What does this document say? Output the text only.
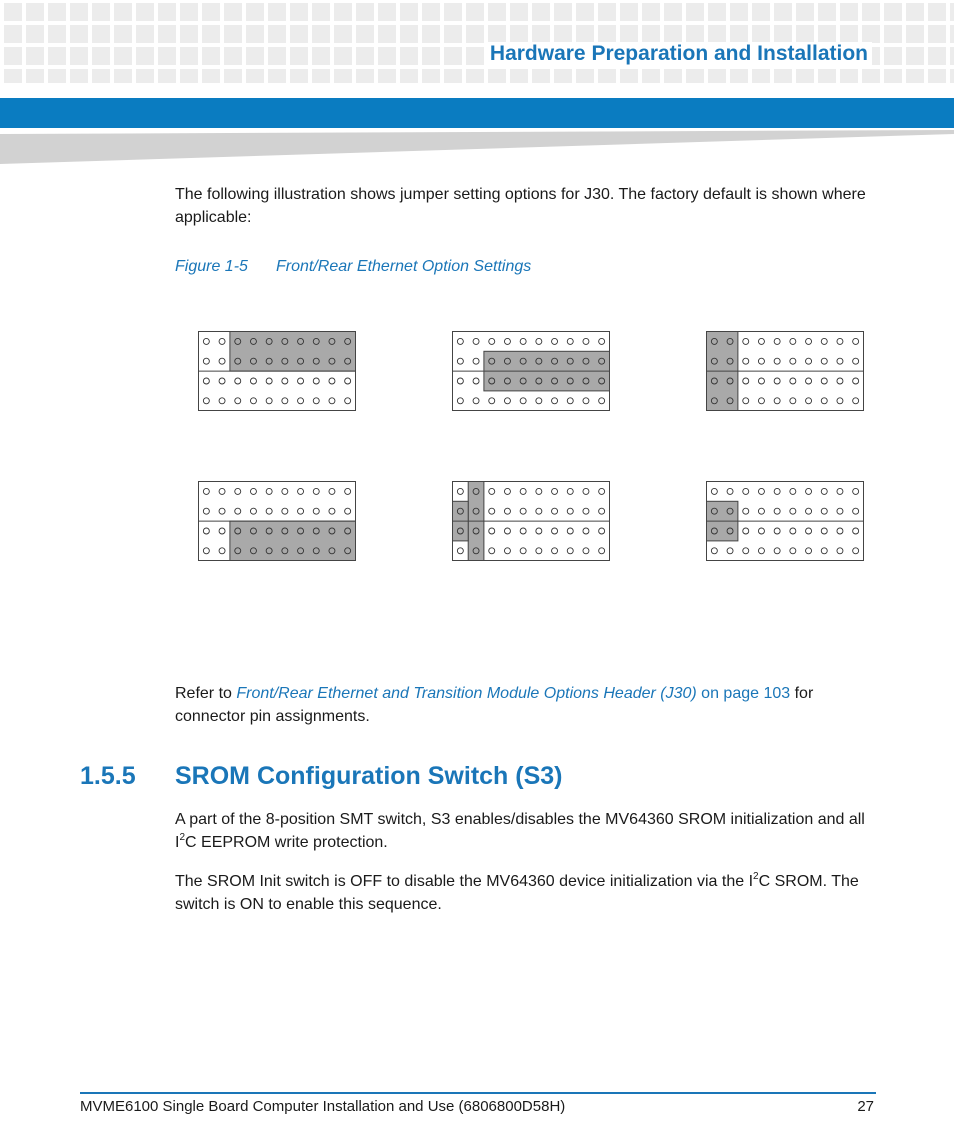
Hardware Preparation and Installation
The following illustration shows jumper setting options for J30. The factory default is shown where applicable:
Figure 1-5 Front/Rear Ethernet Option Settings
Refer to Front/Rear Ethernet and Transition Module Options Header (J30) on page 103 for connector pin assignments.
1.5.5 SROM Configuration Switch (S3)
A part of the 8-position SMT switch, S3 enables/disables the MV64360 SROM initialization and all $I^2C$ EEPROM write protection.
The SROM Init switch is OFF to disable the MV64360 device initialization via the $I^2C$ SROM. The switch is ON to enable this sequence.
MVME6100 Single Board Computer Installation and Use (6806800D58H)	27
